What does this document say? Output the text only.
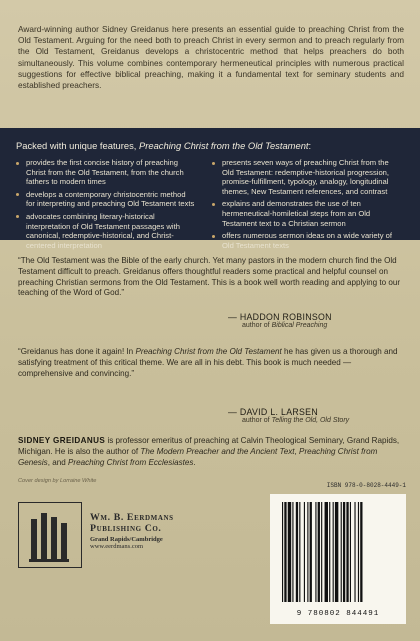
Award-winning author Sidney Greidanus here presents an essential guide to preaching Christ from the Old Testament. Arguing for the need both to preach Christ in every sermon and to preach regularly from the Old Testament, Greidanus develops a christocentric method that helps preachers do both simultaneously. This volume combines contemporary hermeneutical principles with numerous practical suggestions for effective biblical preaching, making it a fundamental text for seminary students and established preachers.

Packed with unique features, Preaching Christ from the Old Testament:
provides the first concise history of preaching Christ from the Old Testament, from the church fathers to modern times
develops a contemporary christocentric method for interpreting and preaching Old Testament texts
advocates combining literary-historical interpretation of Old Testament passages with canonical, redemptive-historical, and Christ-centered interpretation
presents seven ways of preaching Christ from the Old Testament: redemptive-historical progression, promise-fulfillment, typology, analogy, longitudinal themes, New Testament references, and contrast
explains and demonstrates the use of ten hermeneutical-homiletical steps from an Old Testament text to a Christian sermon
offers numerous sermon ideas on a wide variety of Old Testament texts

“The Old Testament was the Bible of the early church. Yet many pastors in the modern church find the Old Testament difficult to preach. Greidanus offers thoughtful readers some practical and helpful counsel on preaching Christian sermons from the Old Testament. This is a book well worth reading and applying to our teaching of the Word of God.”

— HADDON ROBINSON
author of Biblical Preaching

“Greidanus has done it again! In Preaching Christ from the Old Testament he has given us a thorough and satisfying treatment of this critical theme. We are all in his debt. This book is much needed — comprehensive and convincing.”

— DAVID L. LARSEN
author of Telling the Old, Old Story

SIDNEY GREIDANUS is professor emeritus of preaching at Calvin Theological Seminary, Grand Rapids, Michigan. He is also the author of The Modern Preacher and the Ancient Text, Preaching Christ from Genesis, and Preaching Christ from Ecclesiastes.

Cover design by Lorraine White
Wm. B. Eerdmans
Publishing Co.
Grand Rapids/Cambridge
www.eerdmans.com
ISBN 978-0-8028-4449-1
9 780802 844491
